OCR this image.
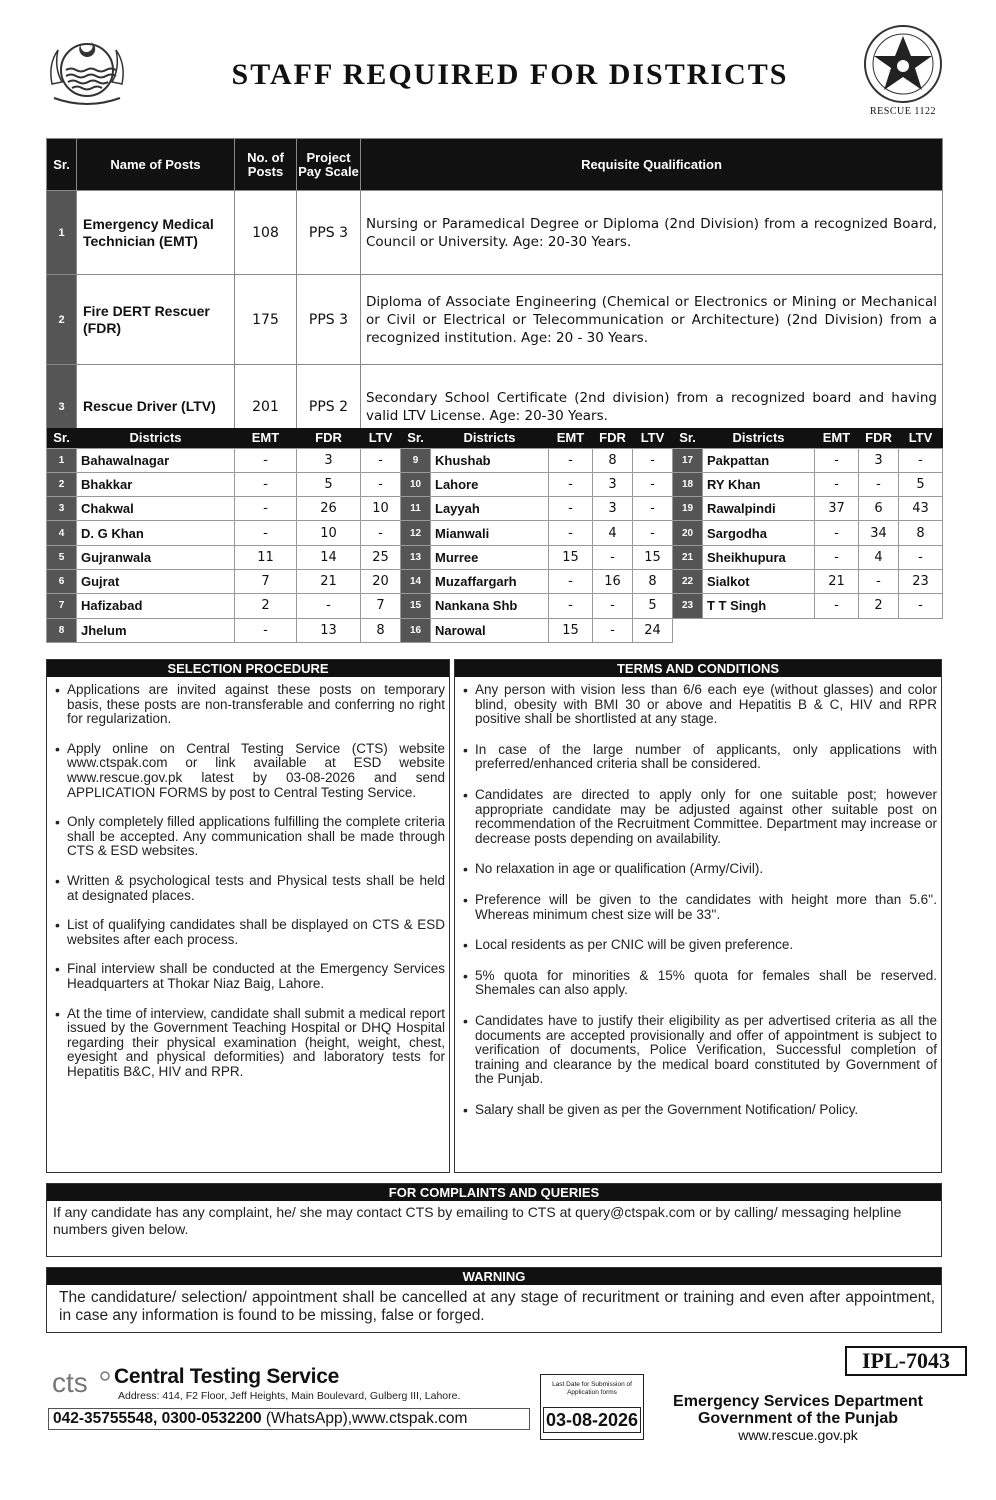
STAFF REQUIRED FOR DISTRICTS
RESCUE 1122
Sr.	Name of Posts	No. of Posts	Project Pay Scale	Requisite Qualification
1	Emergency Medical Technician (EMT)	108	PPS 3	Nursing or Paramedical Degree or Diploma (2nd Division) from a recognized Board, Council or University. Age: 20-30 Years.
2	Fire DERT Rescuer (FDR)	175	PPS 3	Diploma of Associate Engineering (Chemical or Electronics or Mining or Mechanical or Civil or Electrical or Telecommunication or Architecture) (2nd Division) from a recognized institution. Age: 20 - 30 Years.
3	Rescue Driver (LTV)	201	PPS 2	Secondary School Certificate (2nd division) from a recognized board and having valid LTV License. Age: 20-30 Years.
Sr.	Districts	EMT	FDR	LTV	Sr.	Districts	EMT	FDR	LTV	Sr.	Districts	EMT	FDR	LTV
1	Bahawalnagar	-	3	-	9	Khushab	-	8	-	17	Pakpattan	-	3	-
2	Bhakkar	-	5	-	10	Lahore	-	3	-	18	RY Khan	-	-	5
3	Chakwal	-	26	10	11	Layyah	-	3	-	19	Rawalpindi	37	6	43
4	D. G Khan	-	10	-	12	Mianwali	-	4	-	20	Sargodha	-	34	8
5	Gujranwala	11	14	25	13	Murree	15	-	15	21	Sheikhupura	-	4	-
6	Gujrat	7	21	20	14	Muzaffargarh	-	16	8	22	Sialkot	21	-	23
7	Hafizabad	2	-	7	15	Nankana Shb	-	-	5	23	T T Singh	-	2	-
8	Jhelum	-	13	8	16	Narowal	15	-	24					
SELECTION PROCEDURE
• Applications are invited against these posts on temporary basis, these posts are non-transferable and conferring no right for regularization.
• Apply online on Central Testing Service (CTS) website www.ctspak.com or link available at ESD website www.rescue.gov.pk latest by 03-08-2026 and send APPLICATION FORMS by post to Central Testing Service.
• Only completely filled applications fulfilling the complete criteria shall be accepted. Any communication shall be made through CTS & ESD websites.
• Written & psychological tests and Physical tests shall be held at designated places.
• List of qualifying candidates shall be displayed on CTS & ESD websites after each process.
• Final interview shall be conducted at the Emergency Services Headquarters at Thokar Niaz Baig, Lahore.
• At the time of interview, candidate shall submit a medical report issued by the Government Teaching Hospital or DHQ Hospital regarding their physical examination (height, weight, chest, eyesight and physical deformities) and laboratory tests for Hepatitis B&C, HIV and RPR.
TERMS AND CONDITIONS
• Any person with vision less than 6/6 each eye (without glasses) and color blind, obesity with BMI 30 or above and Hepatitis B & C, HIV and RPR positive shall be shortlisted at any stage.
• In case of the large number of applicants, only applications with preferred/enhanced criteria shall be considered.
• Candidates are directed to apply only for one suitable post; however appropriate candidate may be adjusted against other suitable post on recommendation of the Recruitment Committee. Department may increase or decrease posts depending on availability.
• No relaxation in age or qualification (Army/Civil).
• Preference will be given to the candidates with height more than 5.6''. Whereas minimum chest size will be 33''.
• Local residents as per CNIC will be given preference.
• 5% quota for minorities & 15% quota for females shall be reserved. Shemales can also apply.
• Candidates have to justify their eligibility as per advertised criteria as all the documents are accepted provisionally and offer of appointment is subject to verification of documents, Police Verification, Successful completion of training and clearance by the medical board constituted by Government of the Punjab.
• Salary shall be given as per the Government Notification/ Policy.
FOR COMPLAINTS AND QUERIES
If any candidate has any complaint, he/ she may contact CTS by emailing to CTS at query@ctspak.com or by calling/ messaging helpline numbers given below.
WARNING
The candidature/ selection/ appointment shall be cancelled at any stage of recuritment or training and even after appointment, in case any information is found to be missing, false or forged.
IPL-7043
cts Central Testing Service
Address: 414, F2 Floor, Jeff Heights, Main Boulevard, Gulberg III, Lahore.
042-35755548, 0300-0532200 (WhatsApp),www.ctspak.com
Last Date for Submission of Application forms
03-08-2026
Emergency Services Department
Government of the Punjab
www.rescue.gov.pk
